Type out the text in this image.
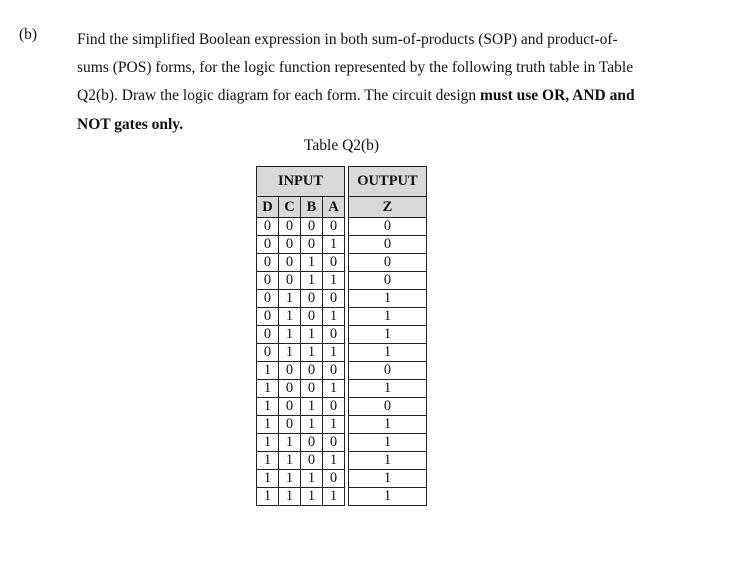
(b)	Find the simplified Boolean expression in both sum-of-products (SOP) and product-of-

sums (POS) forms, for the logic function represented by the following truth table in Table

Q2(b). Draw the logic diagram for each form. The circuit design must use OR, AND and

NOT gates only.

Table Q2(b)
INPUT					OUTPUT
D	C	B	A		Z
0	0	0	0		0
0	0	0	1		0
0	0	1	0		0
0	0	1	1		0
0	1	0	0		1
0	1	0	1		1
0	1	1	0		1
0	1	1	1		1
1	0	0	0		0
1	0	0	1		1
1	0	1	0		0
1	0	1	1		1
1	1	0	0		1
1	1	0	1		1
1	1	1	0		1
1	1	1	1		1
